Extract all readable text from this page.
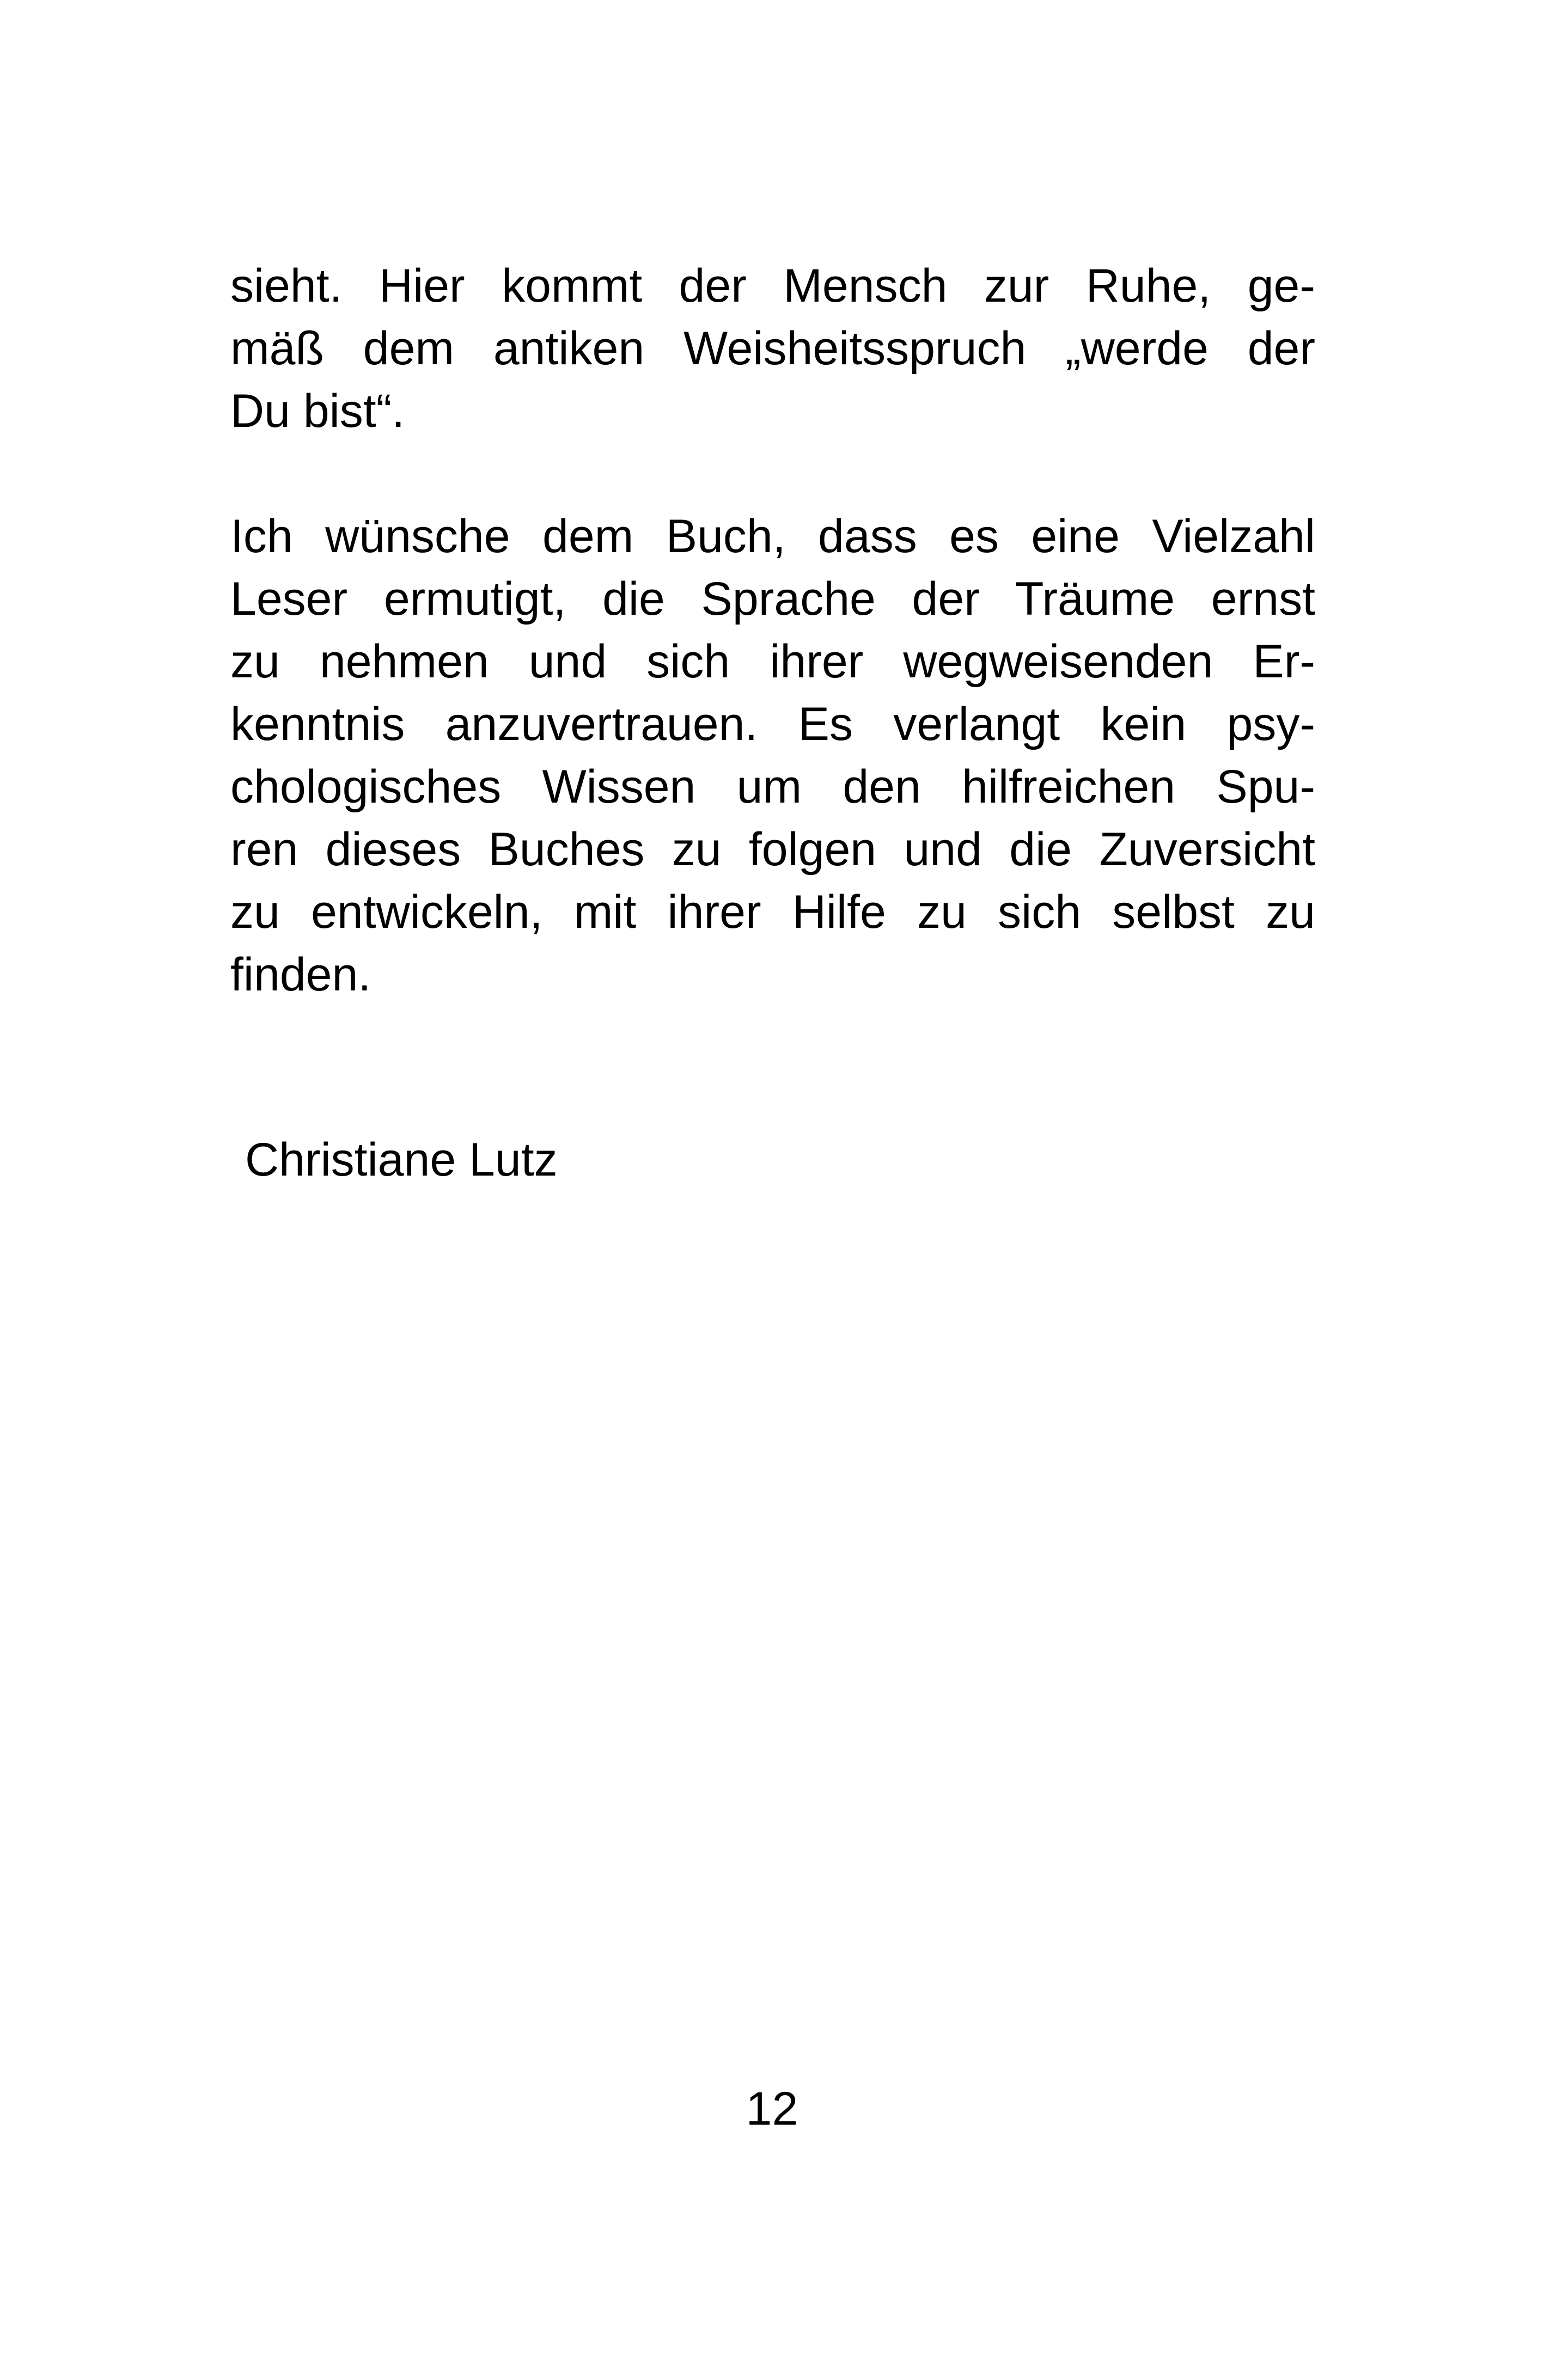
sieht. Hier kommt der Mensch zur Ruhe, ge-
mäß dem antiken Weisheitsspruch „werde der
Du bist“.
Ich wünsche dem Buch, dass es eine Vielzahl
Leser ermutigt, die Sprache der Träume ernst
zu nehmen und sich ihrer wegweisenden Er-
kenntnis anzuvertrauen. Es verlangt kein psy-
chologisches Wissen um den hilfreichen Spu-
ren dieses Buches zu folgen und die Zuversicht
zu entwickeln, mit ihrer Hilfe zu sich selbst zu
finden.
Christiane Lutz
12
